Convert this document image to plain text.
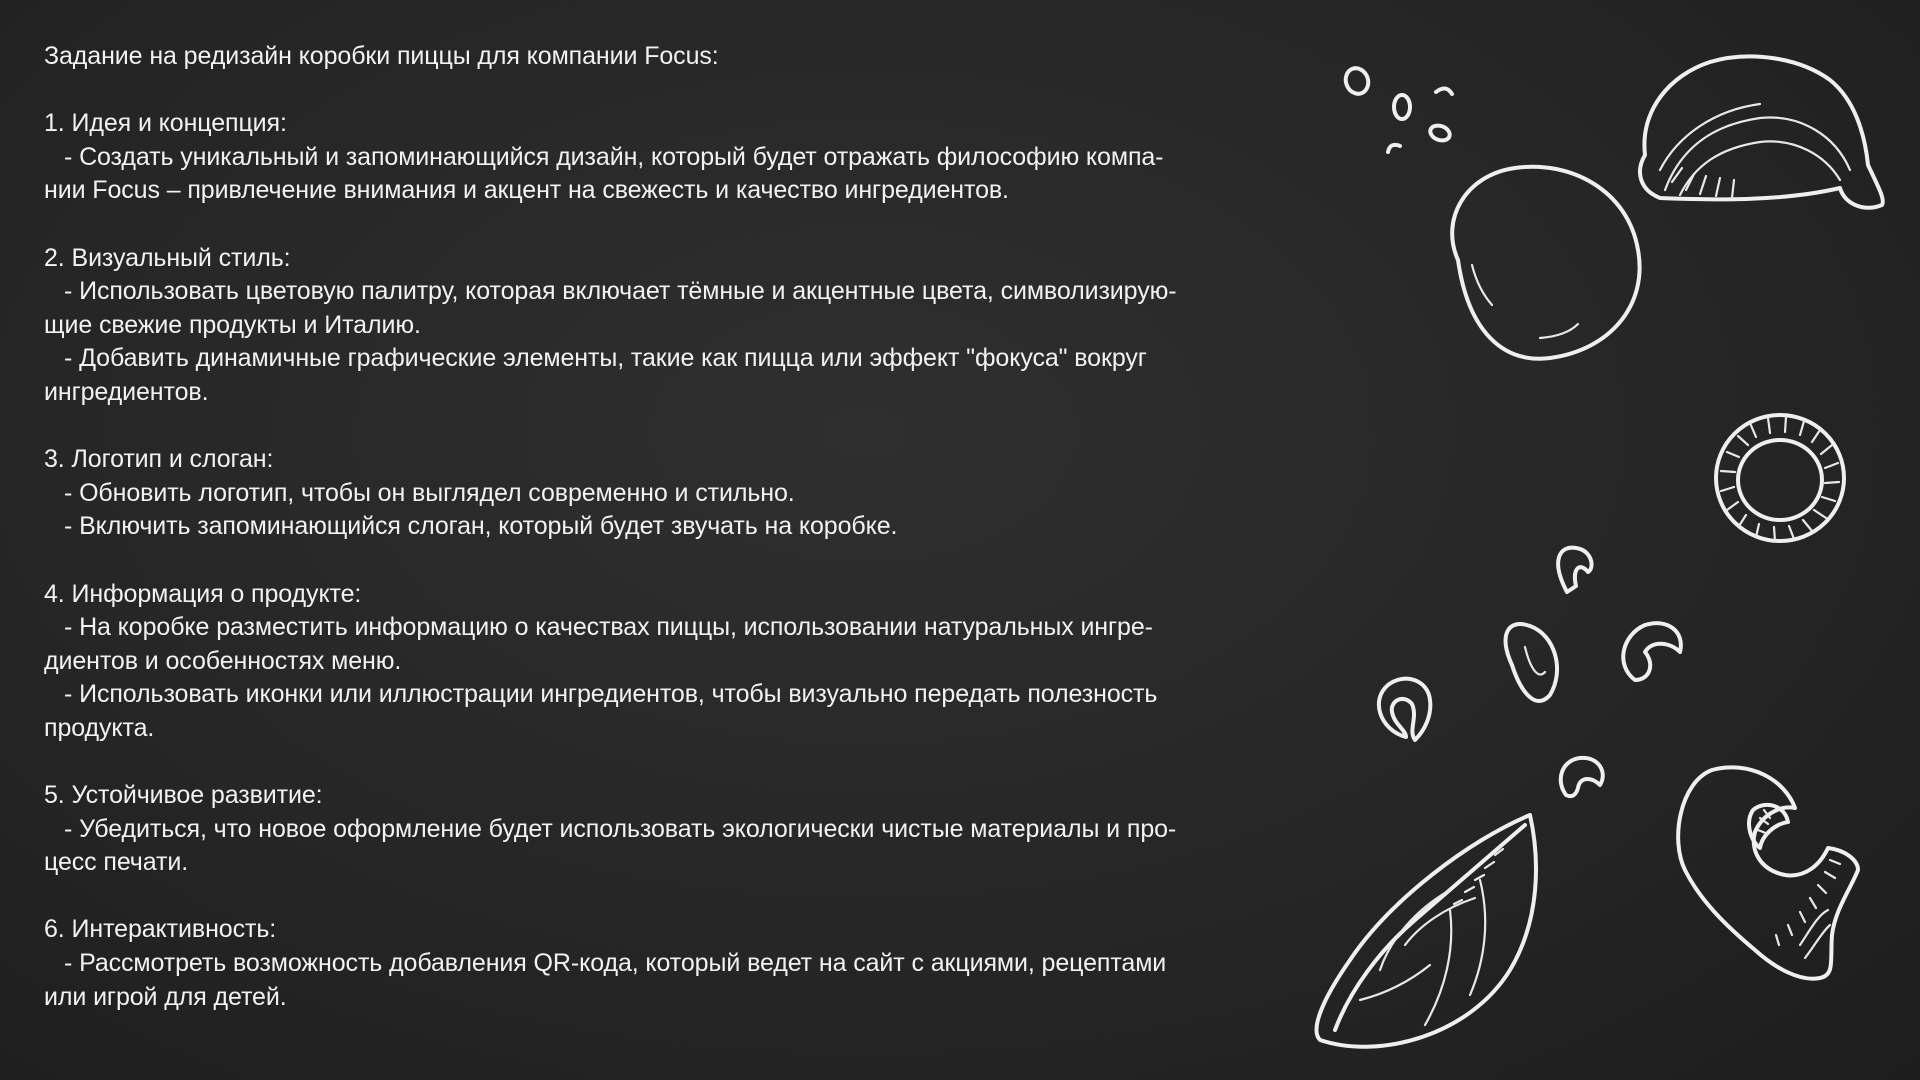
Задание на редизайн коробки пиццы для компании Focus:

1. Идея и концепция:
- Создать уникальный и запоминающийся дизайн, который будет отражать философию компа-
нии Focus – привлечение внимания и акцент на свежесть и качество ингредиентов.
2. Визуальный стиль:
- Использовать цветовую палитру, которая включает тёмные и акцентные цвета, символизирую-
щие свежие продукты и Италию.
- Добавить динамичные графические элементы, такие как пицца или эффект "фокуса" вокруг
ингредиентов.
3. Логотип и слоган:
- Обновить логотип, чтобы он выглядел современно и стильно.
- Включить запоминающийся слоган, который будет звучать на коробке.
4. Информация о продукте:
- На коробке разместить информацию о качествах пиццы, использовании натуральных ингре-
диентов и особенностях меню.
- Использовать иконки или иллюстрации ингредиентов, чтобы визуально передать полезность
продукта.
5. Устойчивое развитие:
- Убедиться, что новое оформление будет использовать экологически чистые материалы и про-
цесс печати.
6. Интерактивность:
- Рассмотреть возможность добавления QR-кода, который ведет на сайт с акциями, рецептами
или игрой для детей.
